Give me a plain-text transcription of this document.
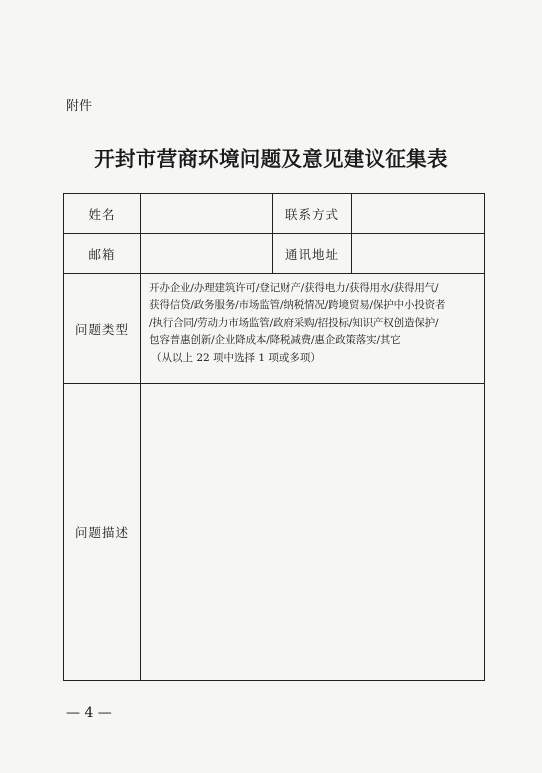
附件
开封市营商环境问题及意见建议征集表
姓名		联系方式	
邮箱		通讯地址	
问题类型	开办企业/办理建筑许可/登记财产/获得电力/获得用水/获得用气/
获得信贷/政务服务/市场监管/纳税情况/跨境贸易/保护中小投资者
/执行合同/劳动力市场监管/政府采购/招投标/知识产权创造保护/
包容普惠创新/企业降成本/降税减费/惠企政策落实/其它
（从以上 22 项中选择 1 项或多项）		

问题描述			
— 4 —
